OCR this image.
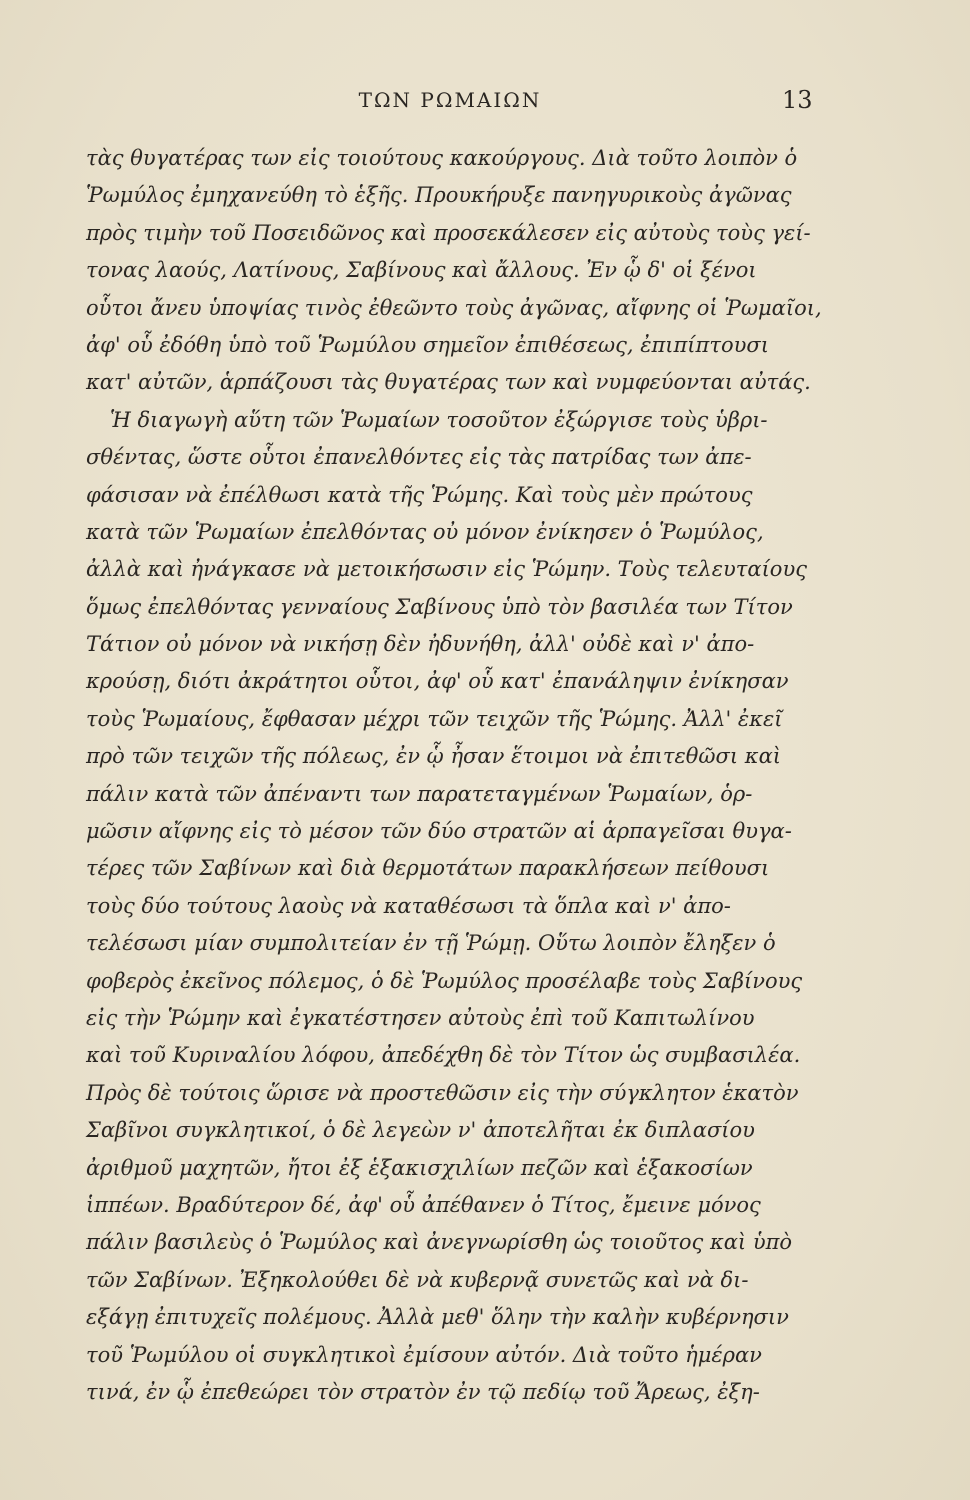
ΤΩΝ ΡΩΜΑΙΩΝ	13
τὰς θυγατέρας των εἰς τοιούτους κακούργους. Διὰ τοῦτο λοιπὸν ὁ
Ῥωμύλος ἐμηχανεύθη τὸ ἑξῆς. Προυκήρυξε πανηγυρικοὺς ἀγῶνας
πρὸς τιμὴν τοῦ Ποσειδῶνος καὶ προσεκάλεσεν εἰς αὐτοὺς τοὺς γεί-
τονας λαούς, Λατίνους, Σαβίνους καὶ ἄλλους. Ἐν ᾧ δ' οἱ ξένοι
οὗτοι ἄνευ ὑποψίας τινὸς ἐθεῶντο τοὺς ἀγῶνας, αἴφνης οἱ Ῥωμαῖοι,
ἀφ' οὗ ἐδόθη ὑπὸ τοῦ Ῥωμύλου σημεῖον ἐπιθέσεως, ἐπιπίπτουσι
κατ' αὐτῶν, ἁρπάζουσι τὰς θυγατέρας των καὶ νυμφεύονται αὐτάς.
Ἡ διαγωγὴ αὕτη τῶν Ῥωμαίων τοσοῦτον ἐξώργισε τοὺς ὑβρι-
σθέντας, ὥστε οὗτοι ἐπανελθόντες εἰς τὰς πατρίδας των ἀπε-
φάσισαν νὰ ἐπέλθωσι κατὰ τῆς Ῥώμης. Καὶ τοὺς μὲν πρώτους
κατὰ τῶν Ῥωμαίων ἐπελθόντας οὐ μόνον ἐνίκησεν ὁ Ῥωμύλος,
ἀλλὰ καὶ ἠνάγκασε νὰ μετοικήσωσιν εἰς Ῥώμην. Τοὺς τελευταίους
ὅμως ἐπελθόντας γενναίους Σαβίνους ὑπὸ τὸν βασιλέα των Τίτον
Τάτιον οὐ μόνον νὰ νικήσῃ δὲν ἠδυνήθη, ἀλλ' οὐδὲ καὶ ν' ἀπο-
κρούσῃ, διότι ἀκράτητοι οὗτοι, ἀφ' οὗ κατ' ἐπανάληψιν ἐνίκησαν
τοὺς Ῥωμαίους, ἔφθασαν μέχρι τῶν τειχῶν τῆς Ῥώμης. Ἀλλ' ἐκεῖ
πρὸ τῶν τειχῶν τῆς πόλεως, ἐν ᾧ ἦσαν ἕτοιμοι νὰ ἐπιτεθῶσι καὶ
πάλιν κατὰ τῶν ἀπέναντι των παρατεταγμένων Ῥωμαίων, ὁρ-
μῶσιν αἴφνης εἰς τὸ μέσον τῶν δύο στρατῶν αἱ ἁρπαγεῖσαι θυγα-
τέρες τῶν Σαβίνων καὶ διὰ θερμοτάτων παρακλήσεων πείθουσι
τοὺς δύο τούτους λαοὺς νὰ καταθέσωσι τὰ ὅπλα καὶ ν' ἀπο-
τελέσωσι μίαν συμπολιτείαν ἐν τῇ Ῥώμῃ. Οὕτω λοιπὸν ἔληξεν ὁ
φοβερὸς ἐκεῖνος πόλεμος, ὁ δὲ Ῥωμύλος προσέλαβε τοὺς Σαβίνους
εἰς τὴν Ῥώμην καὶ ἐγκατέστησεν αὐτοὺς ἐπὶ τοῦ Καπιτωλίνου
καὶ τοῦ Κυριναλίου λόφου, ἀπεδέχθη δὲ τὸν Τίτον ὡς συμβασιλέα.
Πρὸς δὲ τούτοις ὥρισε νὰ προστεθῶσιν εἰς τὴν σύγκλητον ἑκατὸν
Σαβῖνοι συγκλητικοί, ὁ δὲ λεγεὼν ν' ἀποτελῆται ἐκ διπλασίου
ἀριθμοῦ μαχητῶν, ἤτοι ἐξ ἑξακισχιλίων πεζῶν καὶ ἑξακοσίων
ἱππέων. Βραδύτερον δέ, ἀφ' οὗ ἀπέθανεν ὁ Τίτος, ἔμεινε μόνος
πάλιν βασιλεὺς ὁ Ῥωμύλος καὶ ἀνεγνωρίσθη ὡς τοιοῦτος καὶ ὑπὸ
τῶν Σαβίνων. Ἐξηκολούθει δὲ νὰ κυβερνᾷ συνετῶς καὶ νὰ δι-
εξάγῃ ἐπιτυχεῖς πολέμους. Ἀλλὰ μεθ' ὅλην τὴν καλὴν κυβέρνησιν
τοῦ Ῥωμύλου οἱ συγκλητικοὶ ἐμίσουν αὐτόν. Διὰ τοῦτο ἡμέραν
τινά, ἐν ᾧ ἐπεθεώρει τὸν στρατὸν ἐν τῷ πεδίῳ τοῦ Ἄρεως, ἐξη-
